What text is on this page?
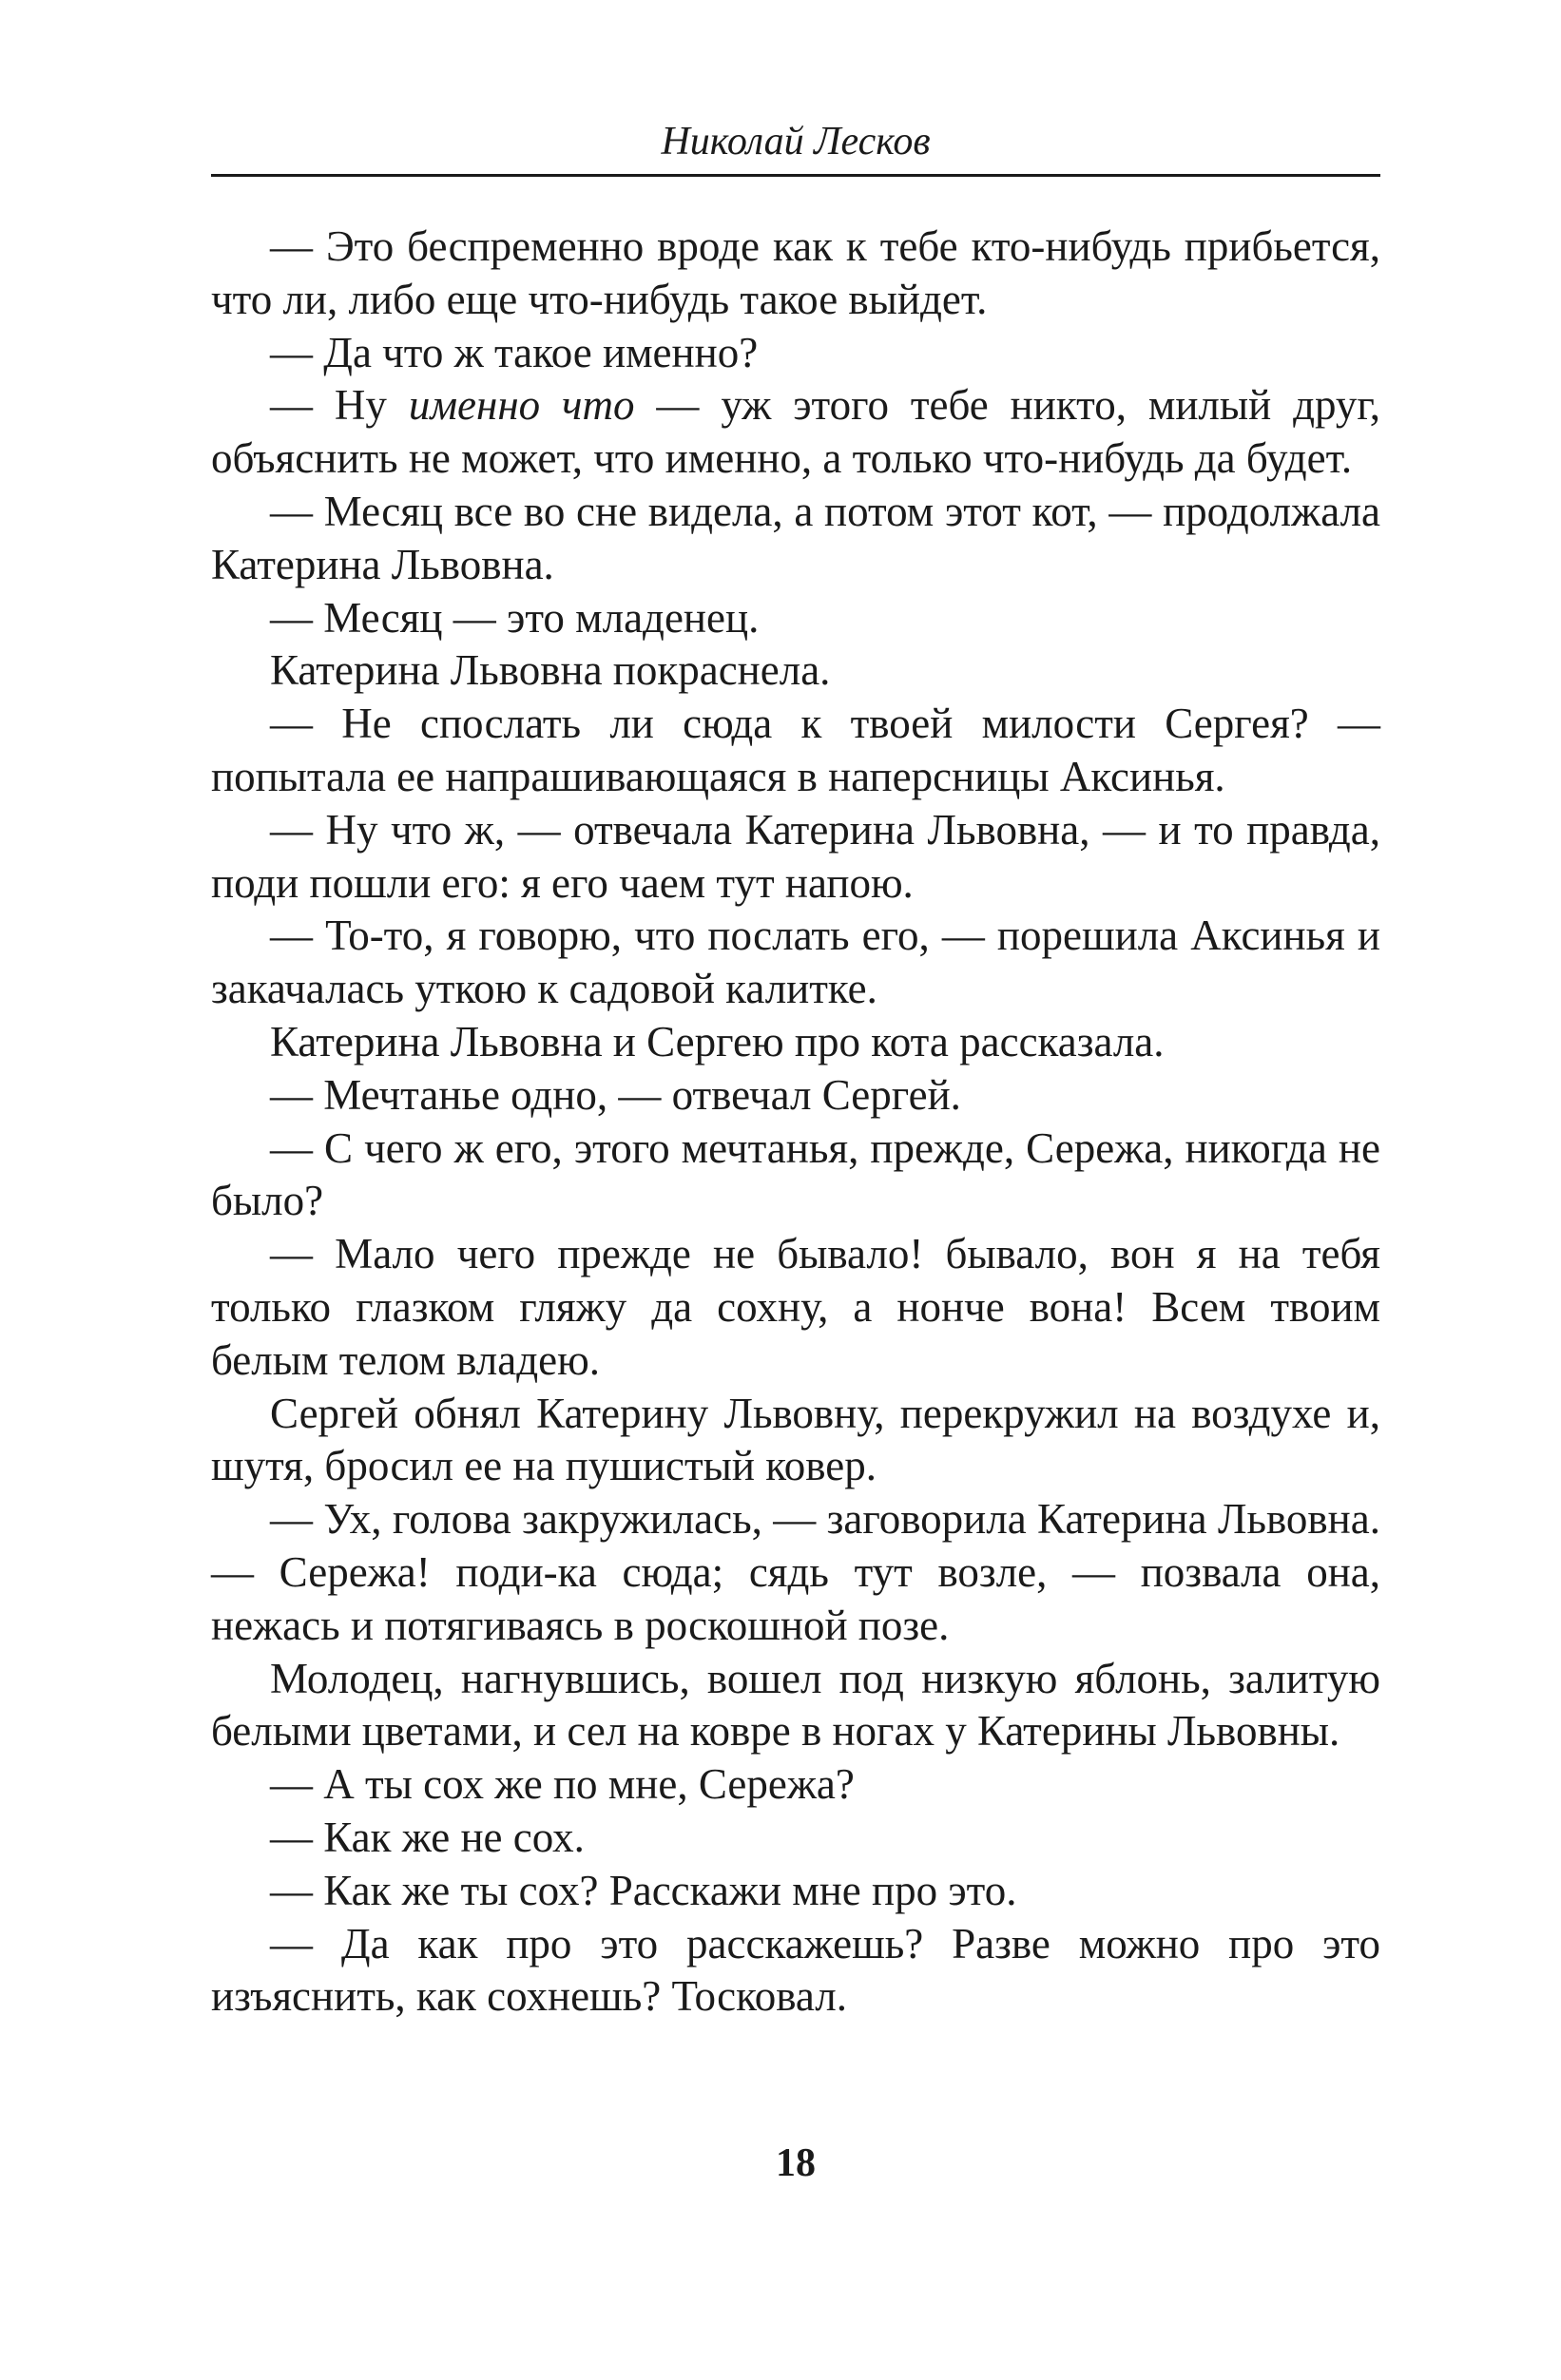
Николай Лесков

— Это беспременно вроде как к тебе кто-нибудь прибьется, что ли, либо еще что-нибудь такое выйдет.

— Да что ж такое именно?

— Ну именно что — уж этого тебе никто, милый друг, объяснить не может, что именно, а только что-нибудь да будет.

— Месяц все во сне видела, а потом этот кот, — продолжала Катерина Львовна.

— Месяц — это младенец.

Катерина Львовна покраснела.

— Не спослать ли сюда к твоей милости Сергея? — попытала ее напрашивающаяся в наперсницы Аксинья.

— Ну что ж, — отвечала Катерина Львовна, — и то правда, поди пошли его: я его чаем тут напою.

— То-то, я говорю, что послать его, — порешила Аксинья и закачалась уткою к садовой калитке.

Катерина Львовна и Сергею про кота рассказала.

— Мечтанье одно, — отвечал Сергей.

— С чего ж его, этого мечтанья, прежде, Сережа, никогда не было?

— Мало чего прежде не бывало! бывало, вон я на тебя только глазком гляжу да сохну, а нонче вона! Всем твоим белым телом владею.

Сергей обнял Катерину Львовну, перекружил на воздухе и, шутя, бросил ее на пушистый ковер.

— Ух, голова закружилась, — заговорила Катерина Львовна. — Сережа! поди-ка сюда; сядь тут возле, — позвала она, нежась и потягиваясь в роскошной позе.

Молодец, нагнувшись, вошел под низкую яблонь, залитую белыми цветами, и сел на ковре в ногах у Катерины Львовны.

— А ты сох же по мне, Сережа?

— Как же не сох.

— Как же ты сох? Расскажи мне про это.

— Да как про это расскажешь? Разве можно про это изъяснить, как сохнешь? Тосковал.

18
